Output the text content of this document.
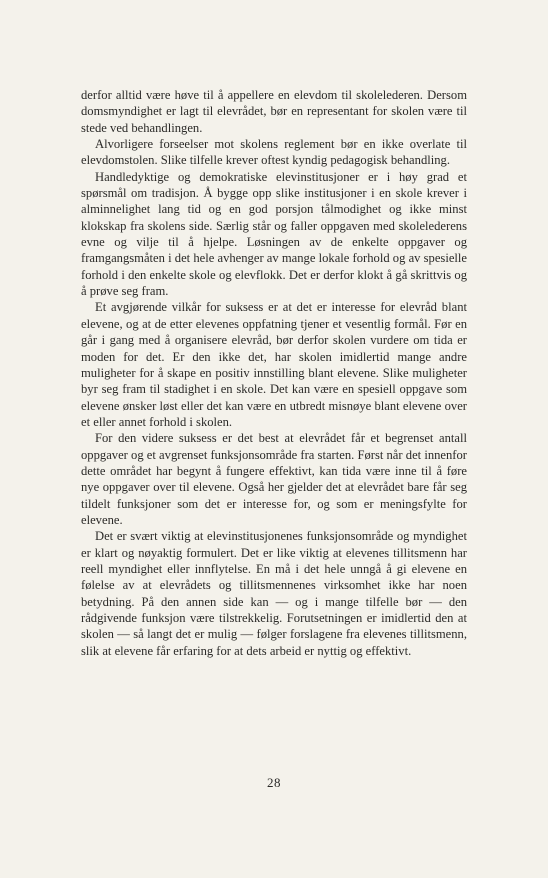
derfor alltid være høve til å appellere en elevdom til skolelederen. Dersom domsmyndighet er lagt til elevrådet, bør en representant for skolen være til stede ved behandlingen.

Alvorligere forseelser mot skolens reglement bør en ikke overlate til elevdomstolen. Slike tilfelle krever oftest kyndig pedagogisk behandling.

Handledyktige og demokratiske elevinstitusjoner er i høy grad et spørsmål om tradisjon. Å bygge opp slike institusjoner i en skole krever i alminnelighet lang tid og en god porsjon tålmodighet og ikke minst klokskap fra skolens side. Særlig står og faller oppgaven med skolelederens evne og vilje til å hjelpe. Løsningen av de enkelte oppgaver og framgangsmåten i det hele avhenger av mange lokale forhold og av spesielle forhold i den enkelte skole og elevflokk. Det er derfor klokt å gå skrittvis og å prøve seg fram.

Et avgjørende vilkår for suksess er at det er interesse for elevråd blant elevene, og at de etter elevenes oppfatning tjener et vesentlig formål. Før en går i gang med å organisere elevråd, bør derfor skolen vurdere om tida er moden for det. Er den ikke det, har skolen imidlertid mange andre muligheter for å skape en positiv innstilling blant elevene. Slike muligheter byr seg fram til stadighet i en skole. Det kan være en spesiell oppgave som elevene ønsker løst eller det kan være en utbredt misnøye blant elevene over et eller annet forhold i skolen.

For den videre suksess er det best at elevrådet får et begrenset antall oppgaver og et avgrenset funksjonsområde fra starten. Først når det innenfor dette området har begynt å fungere effektivt, kan tida være inne til å føre nye oppgaver over til elevene. Også her gjelder det at elevrådet bare får seg tildelt funksjoner som det er interesse for, og som er meningsfylte for elevene.

Det er svært viktig at elevinstitusjonenes funksjonsområde og myndighet er klart og nøyaktig formulert. Det er like viktig at elevenes tillitsmenn har reell myndighet eller innflytelse. En må i det hele unngå å gi elevene en følelse av at elevrådets og tillitsmennenes virksomhet ikke har noen betydning. På den annen side kan — og i mange tilfelle bør — den rådgivende funksjon være tilstrekkelig. Forutsetningen er imidlertid den at skolen — så langt det er mulig — følger forslagene fra elevenes tillitsmenn, slik at elevene får erfaring for at dets arbeid er nyttig og effektivt.

28
